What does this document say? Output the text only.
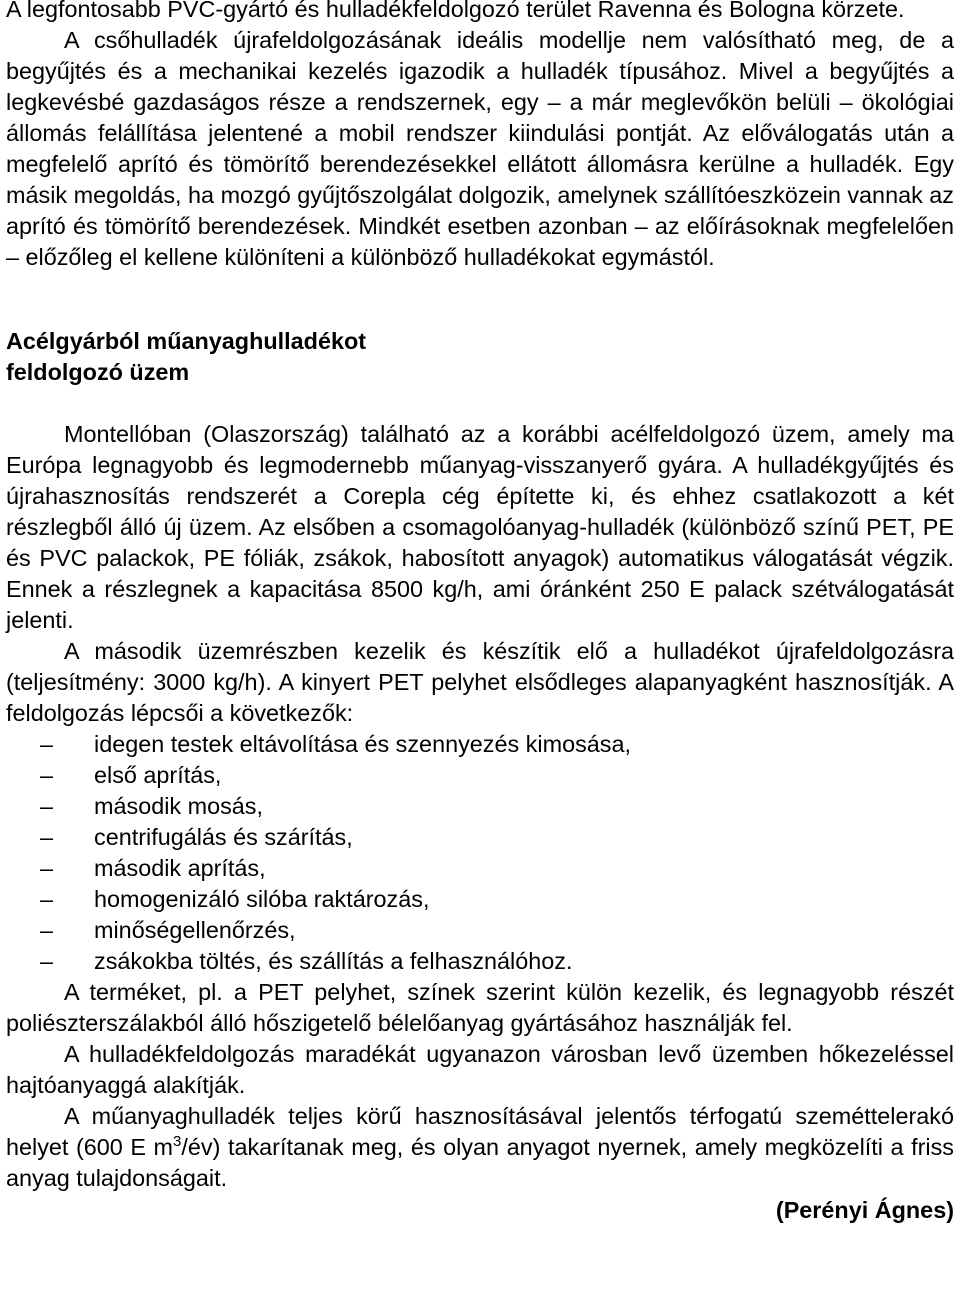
A legfontosabb PVC-gyártó és hulladékfeldolgozó terület Ravenna és Bologna körzete.

A csőhulladék újrafeldolgozásának ideális modellje nem valósítható meg, de a begyűjtés és a mechanikai kezelés igazodik a hulladék típusához. Mivel a begyűjtés a legkevésbé gazdaságos része a rendszernek, egy – a már meglevőkön belüli – ökológiai állomás felállítása jelentené a mobil rendszer kiindulási pontját. Az előválogatás után a megfelelő aprító és tömörítő berendezésekkel ellátott állomásra kerülne a hulladék. Egy másik megoldás, ha mozgó gyűjtőszolgálat dolgozik, amelynek szállítóeszközein vannak az aprító és tömörítő berendezések. Mindkét esetben azonban – az előírásoknak megfelelően – előzőleg el kellene különíteni a különböző hulladékokat egymástól.

Acélgyárból műanyaghulladékot
feldolgozó üzem

Montellóban (Olaszország) található az a korábbi acélfeldolgozó üzem, amely ma Európa legnagyobb és legmodernebb műanyag-visszanyerő gyára. A hulladékgyűjtés és újrahasznosítás rendszerét a Corepla cég építette ki, és ehhez csatlakozott a két részlegből álló új üzem. Az elsőben a csomagolóanyag-hulladék (különböző színű PET, PE és PVC palackok, PE fóliák, zsákok, habosított anyagok) automatikus válogatását végzik. Ennek a részlegnek a kapacitása 8500 kg/h, ami óránként 250 E palack szétválogatását jelenti.

A második üzemrészben kezelik és készítik elő a hulladékot újrafeldolgozásra (teljesítmény: 3000 kg/h). A kinyert PET pelyhet elsődleges alapanyagként hasznosítják. A feldolgozás lépcsői a következők:

– idegen testek eltávolítása és szennyezés kimosása,
– első aprítás,
– második mosás,
– centrifugálás és szárítás,
– második aprítás,
– homogenizáló silóba raktározás,
– minőségellenőrzés,
– zsákokba töltés, és szállítás a felhasználóhoz.

A terméket, pl. a PET pelyhet, színek szerint külön kezelik, és legnagyobb részét poliészterszálakból álló hőszigetelő bélelőanyag gyártásához használják fel.

A hulladékfeldolgozás maradékát ugyanazon városban levő üzemben hőkezeléssel hajtóanyaggá alakítják.

A műanyaghulladék teljes körű hasznosításával jelentős térfogatú szeméttelerakó helyet (600 E $m^3/év$) takarítanak meg, és olyan anyagot nyernek, amely megközelíti a friss anyag tulajdonságait.

(Perényi Ágnes)
